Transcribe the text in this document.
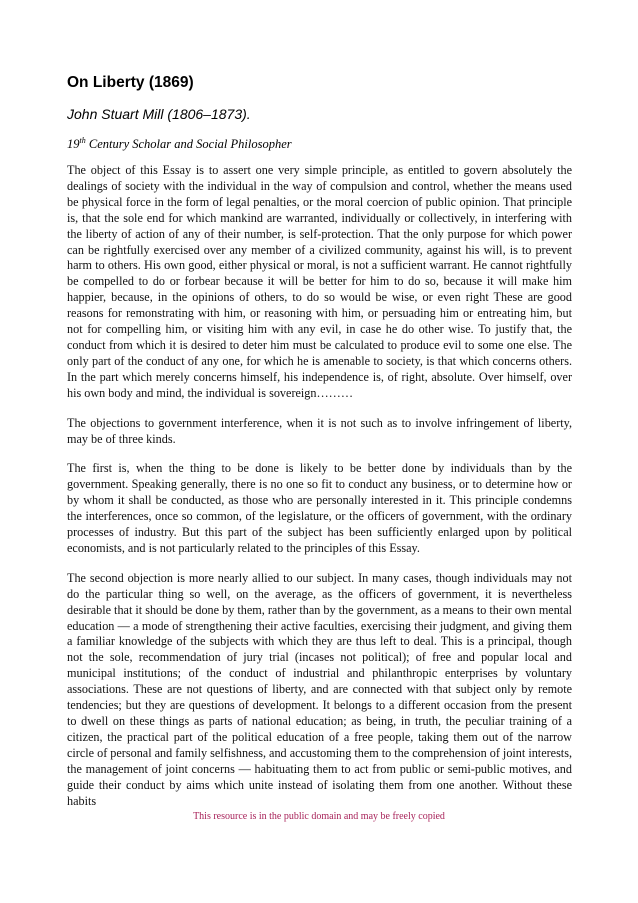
On Liberty (1869)

John Stuart Mill (1806–1873).

19th Century Scholar and Social Philosopher

The object of this Essay is to assert one very simple principle, as entitled to govern absolutely the dealings of society with the individual in the way of compulsion and control, whether the means used be physical force in the form of legal penalties, or the moral coercion of public opinion. That principle is, that the sole end for which mankind are warranted, individually or collectively, in interfering with the liberty of action of any of their number, is self-protection. That the only purpose for which power can be rightfully exercised over any member of a civilized community, against his will, is to prevent harm to others. His own good, either physical or moral, is not a sufficient warrant. He cannot rightfully be compelled to do or forbear because it will be better for him to do so, because it will make him happier, because, in the opinions of others, to do so would be wise, or even right These are good reasons for remonstrating with him, or reasoning with him, or persuading him or entreating him, but not for compelling him, or visiting him with any evil, in case he do other wise. To justify that, the conduct from which it is desired to deter him must be calculated to produce evil to some one else. The only part of the conduct of any one, for which he is amenable to society, is that which concerns others. In the part which merely concerns himself, his independence is, of right, absolute. Over himself, over his own body and mind, the individual is sovereign………

The objections to government interference, when it is not such as to involve infringement of liberty, may be of three kinds.

The first is, when the thing to be done is likely to be better done by individuals than by the government. Speaking generally, there is no one so fit to conduct any business, or to determine how or by whom it shall be conducted, as those who are personally interested in it. This principle condemns the interferences, once so common, of the legislature, or the officers of government, with the ordinary processes of industry. But this part of the subject has been sufficiently enlarged upon by political economists, and is not particularly related to the principles of this Essay.

The second objection is more nearly allied to our subject. In many cases, though individuals may not do the particular thing so well, on the average, as the officers of government, it is nevertheless desirable that it should be done by them, rather than by the government, as a means to their own mental education — a mode of strengthening their active faculties, exercising their judgment, and giving them a familiar knowledge of the subjects with which they are thus left to deal. This is a principal, though not the sole, recommendation of jury trial (incases not political); of free and popular local and municipal institutions; of the conduct of industrial and philanthropic enterprises by voluntary associations. These are not questions of liberty, and are connected with that subject only by remote tendencies; but they are questions of development. It belongs to a different occasion from the present to dwell on these things as parts of national education; as being, in truth, the peculiar training of a citizen, the practical part of the political education of a free people, taking them out of the narrow circle of personal and family selfishness, and accustoming them to the comprehension of joint interests, the management of joint concerns — habituating them to act from public or semi-public motives, and guide their conduct by aims which unite instead of isolating them from one another. Without these habits

This resource is in the public domain and may be freely copied
